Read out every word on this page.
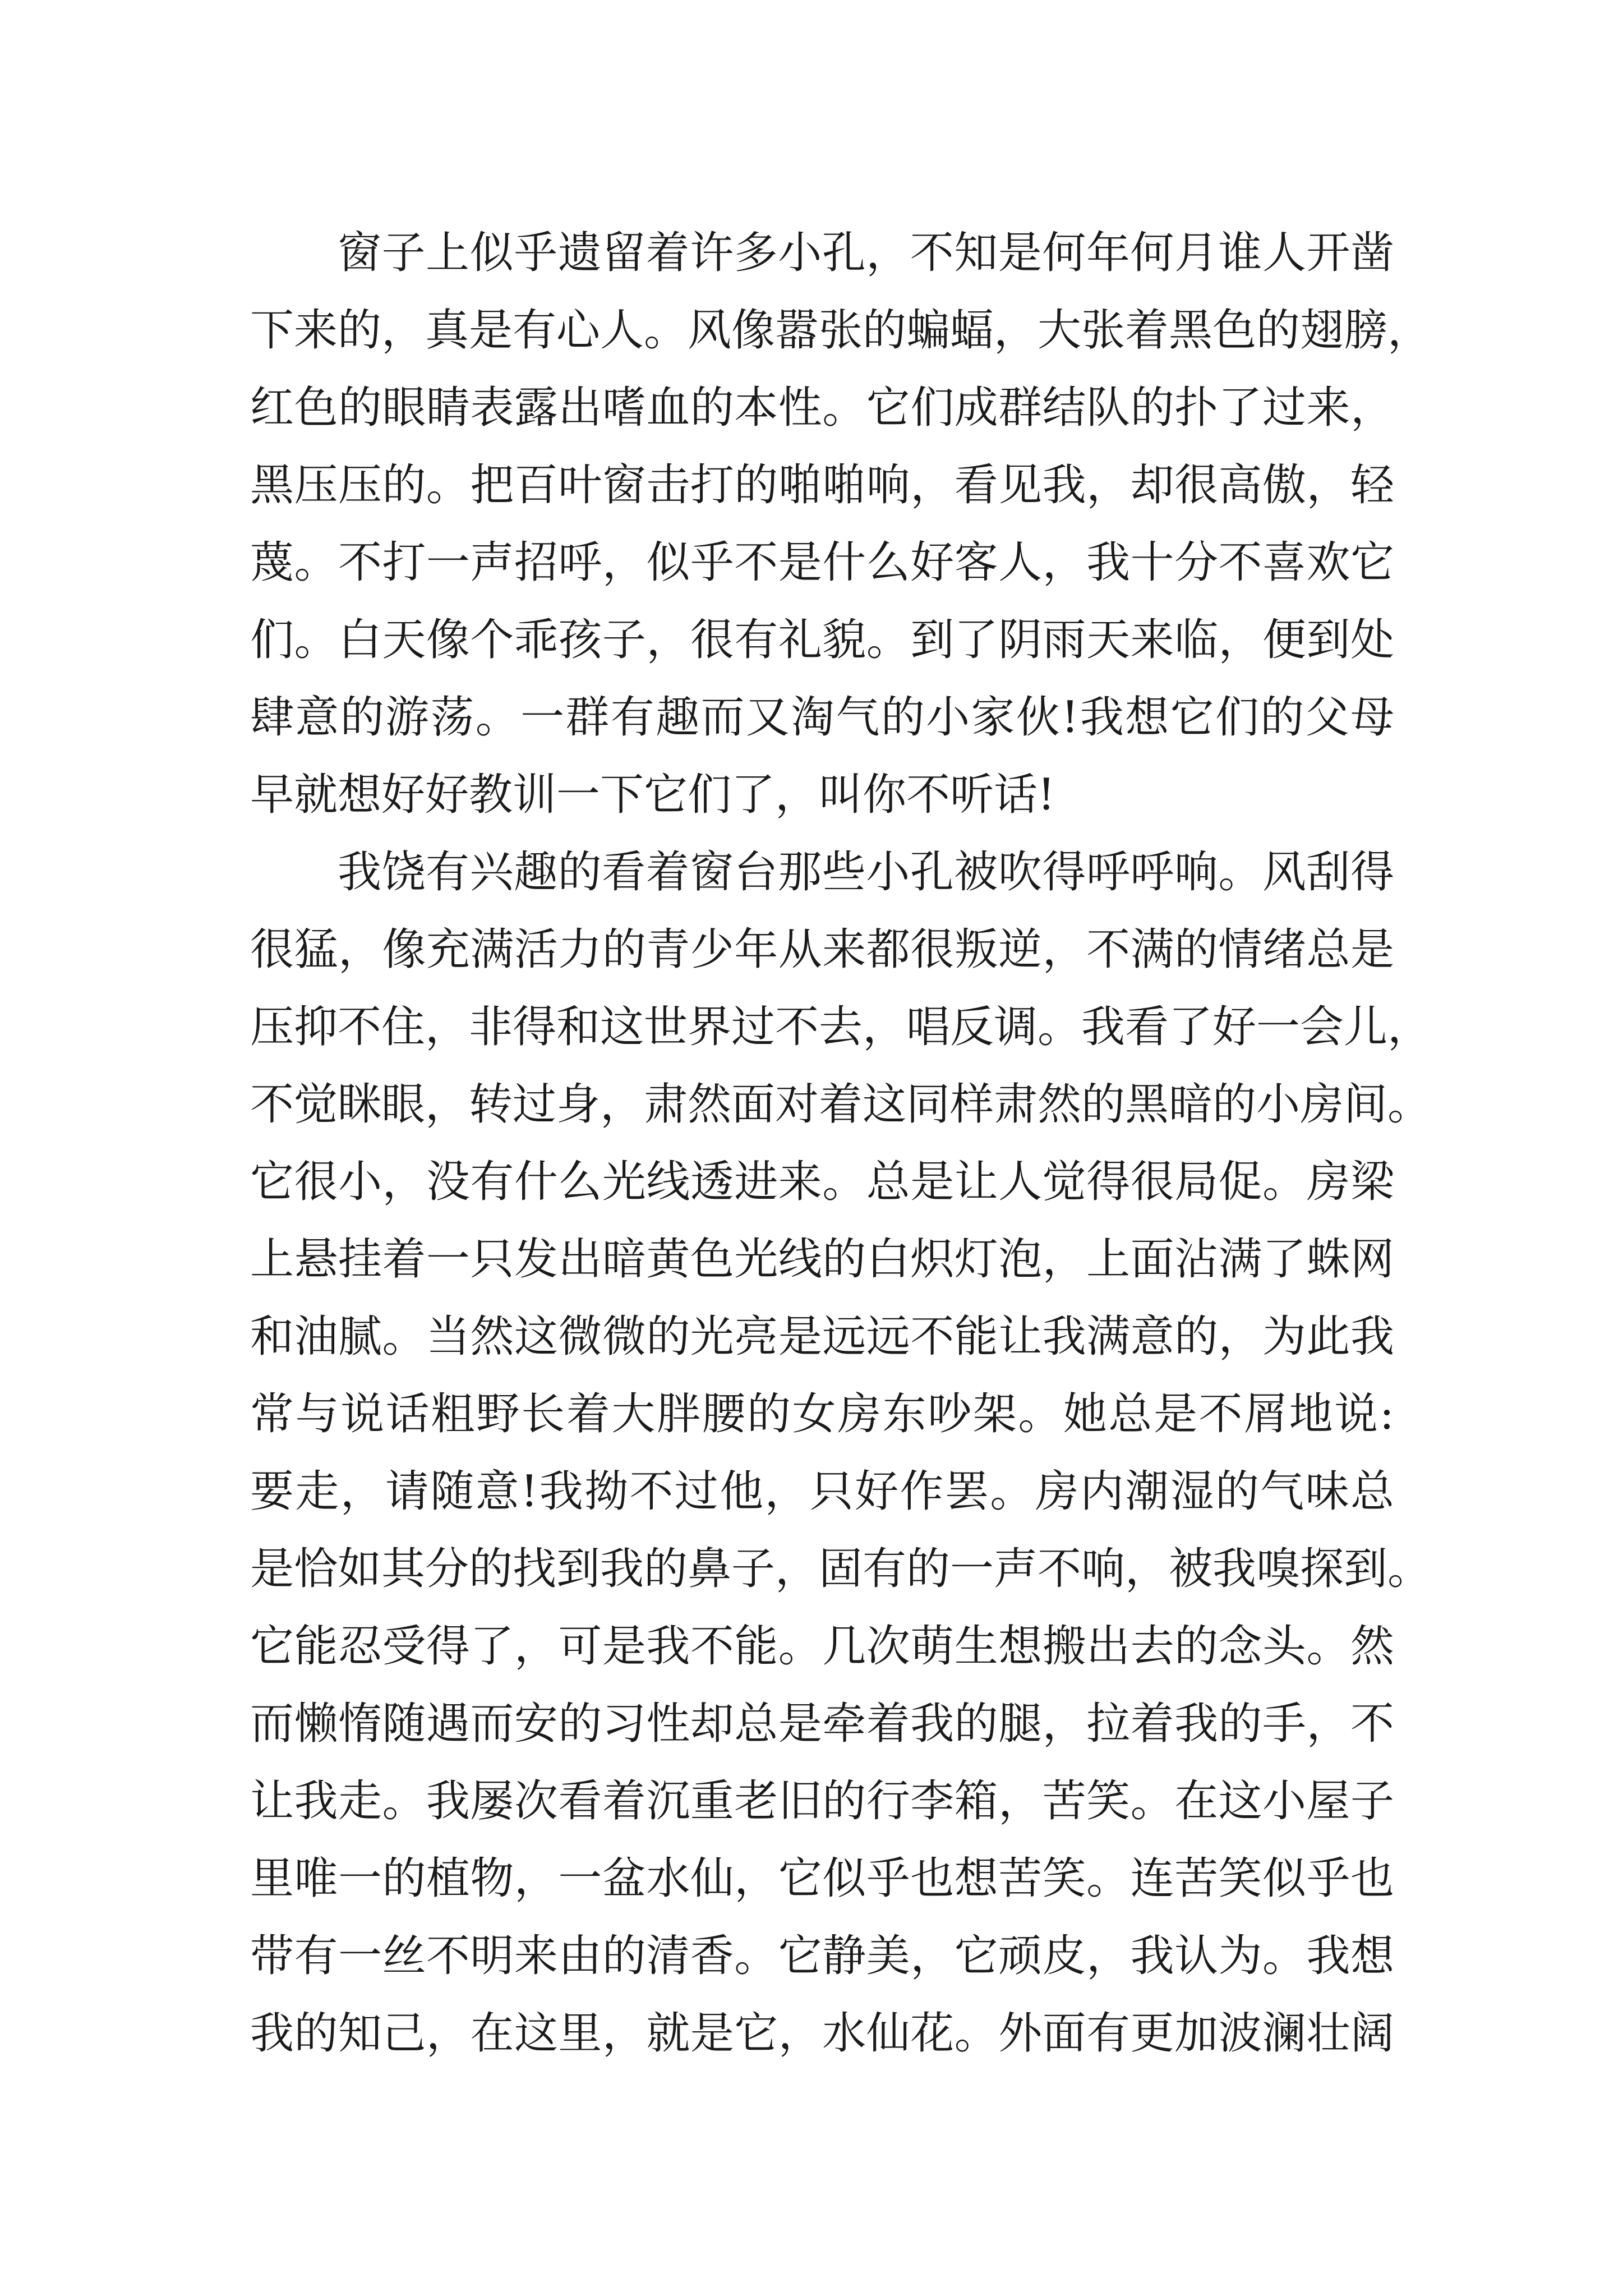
窗子上似乎遗留着许多小孔，不知是何年何月谁人开凿
下来的，真是有心人。风像嚣张的蝙蝠，大张着黑色的翅膀，
红色的眼睛表露出嗜血的本性。它们成群结队的扑了过来，
黑压压的。把百叶窗击打的啪啪响，看见我，却很高傲，轻
蔑。不打一声招呼，似乎不是什么好客人，我十分不喜欢它
们。白天像个乖孩子，很有礼貌。到了阴雨天来临，便到处
肆意的游荡。一群有趣而又淘气的小家伙!我想它们的父母
早就想好好教训一下它们了，叫你不听话!
我饶有兴趣的看着窗台那些小孔被吹得呼呼响。风刮得
很猛，像充满活力的青少年从来都很叛逆，不满的情绪总是
压抑不住，非得和这世界过不去，唱反调。我看了好一会儿，
不觉眯眼，转过身，肃然面对着这同样肃然的黑暗的小房间。
它很小，没有什么光线透进来。总是让人觉得很局促。房梁
上悬挂着一只发出暗黄色光线的白炽灯泡，上面沾满了蛛网
和油腻。当然这微微的光亮是远远不能让我满意的，为此我
常与说话粗野长着大胖腰的女房东吵架。她总是不屑地说:
要走，请随意!我拗不过他，只好作罢。房内潮湿的气味总
是恰如其分的找到我的鼻子，固有的一声不响，被我嗅探到。
它能忍受得了，可是我不能。几次萌生想搬出去的念头。然
而懒惰随遇而安的习性却总是牵着我的腿，拉着我的手，不
让我走。我屡次看着沉重老旧的行李箱，苦笑。在这小屋子
里唯一的植物，一盆水仙，它似乎也想苦笑。连苦笑似乎也
带有一丝不明来由的清香。它静美，它顽皮，我认为。我想
我的知己，在这里，就是它，水仙花。外面有更加波澜壮阔
